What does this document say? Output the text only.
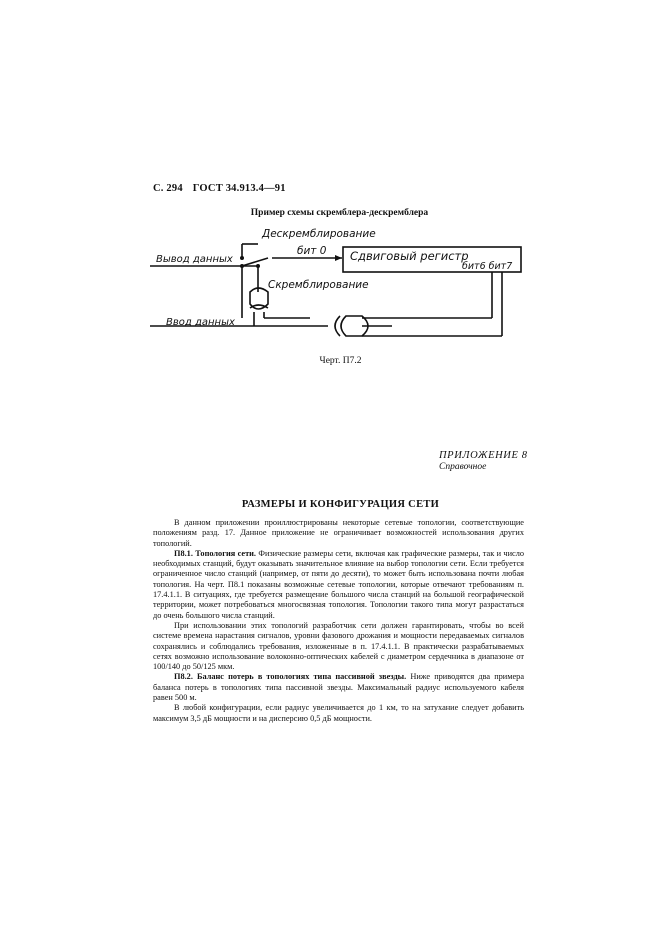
С. 294 ГОСТ 34.913.4—91
Пример схемы скремблера-дескремблера
Дескремблирование
бит 0 Сдвиговый регистр
бит6 бит7
Скремблирование
Вывод данных
Ввод данных
Черт. П7.2
ПРИЛОЖЕНИЕ 8
Справочное
РАЗМЕРЫ И КОНФИГУРАЦИЯ СЕТИ

В данном приложении проиллюстрированы некоторые сетевые топологии, соответствующие положениям разд. 17. Данное приложение не ограничивает возможностей использования других топологий.

П8.1. Топология сети. Физические размеры сети, включая как графические размеры, так и число необходимых станций, будут оказывать значительное влияние на выбор топологии сети. Если требуется ограниченное число станций (например, от пяти до десяти), то может быть использована почти любая топология. На черт. П8.1 показаны возможные сетевые топологии, которые отвечают требованиям п. 17.4.1.1. В ситуациях, где требуется размещение большого числа станций на большой географической территории, может потребоваться многосвязная топология. Топологии такого типа могут разрастаться до очень большого числа станций.

При использовании этих топологий разработчик сети должен гарантировать, чтобы во всей системе времена нарастания сигналов, уровни фазового дрожания и мощности передаваемых сигналов сохранялись и соблюдались требования, изложенные в п. 17.4.1.1. В практически разрабатываемых сетях возможно использование волоконно-оптических кабелей с диаметром сердечника в диапазоне от 100/140 до 50/125 мкм.

П8.2. Баланс потерь в топологиях типа пассивной звезды. Ниже приводятся два примера баланса потерь в топологиях типа пассивной звезды. Максимальный радиус используемого кабеля равен 500 м.

В любой конфигурации, если радиус увеличивается до 1 км, то на затухание следует добавить максимум 3,5 дБ мощности и на дисперсию 0,5 дБ мощности.
